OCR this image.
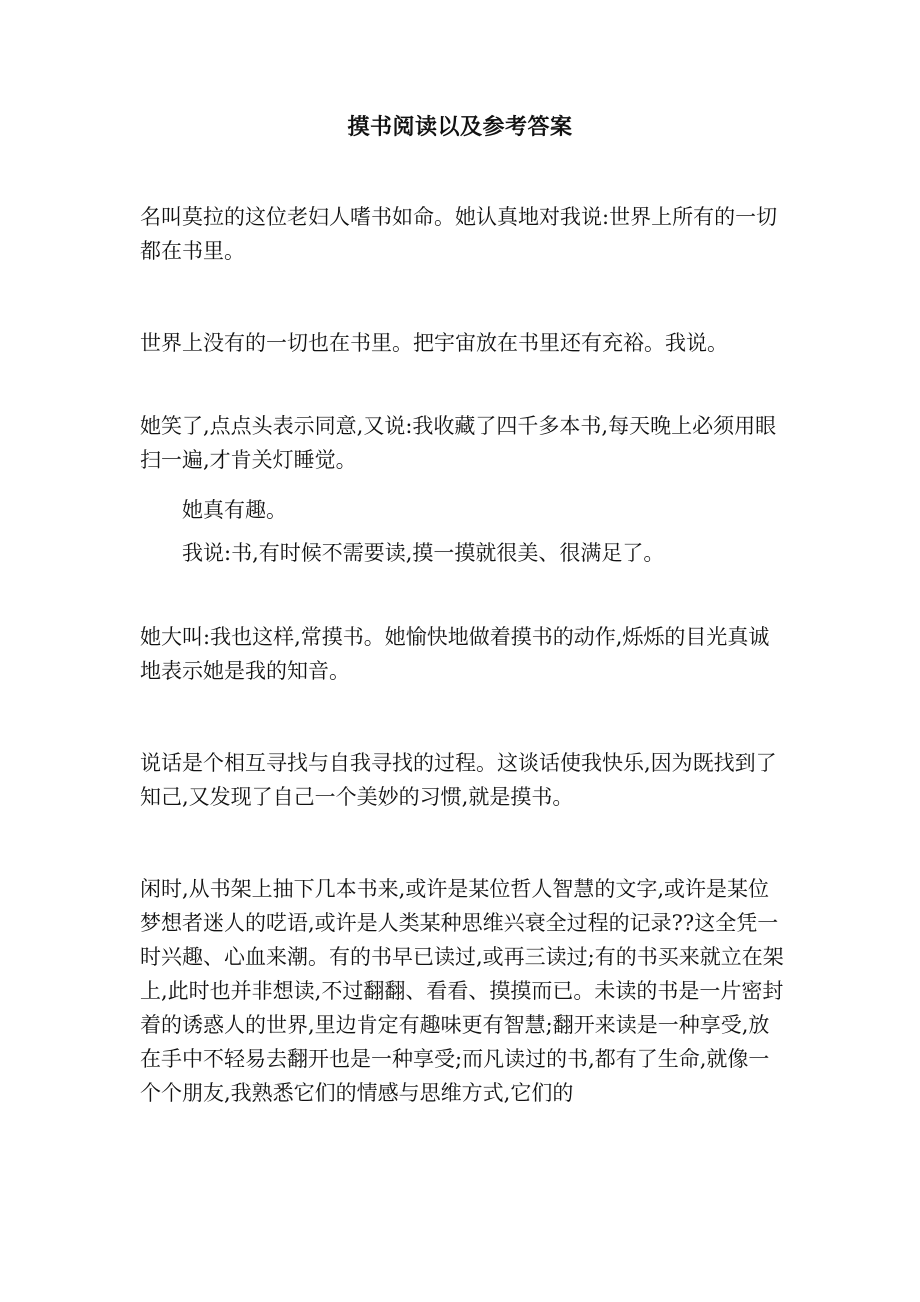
摸书阅读以及参考答案

名叫莫拉的这位老妇人嗜书如命。她认真地对我说:世界上所有的一切都在书里。

世界上没有的一切也在书里。把宇宙放在书里还有充裕。我说。

她笑了,点点头表示同意,又说:我收藏了四千多本书,每天晚上必须用眼扫一遍,才肯关灯睡觉。

她真有趣。

我说:书,有时候不需要读,摸一摸就很美、很满足了。

她大叫:我也这样,常摸书。她愉快地做着摸书的动作,烁烁的目光真诚地表示她是我的知音。

说话是个相互寻找与自我寻找的过程。这谈话使我快乐,因为既找到了知己,又发现了自己一个美妙的习惯,就是摸书。

闲时,从书架上抽下几本书来,或许是某位哲人智慧的文字,或许是某位梦想者迷人的呓语,或许是人类某种思维兴衰全过程的记录??这全凭一时兴趣、心血来潮。有的书早已读过,或再三读过;有的书买来就立在架上,此时也并非想读,不过翻翻、看看、摸摸而已。未读的书是一片密封着的诱惑人的世界,里边肯定有趣味更有智慧;翻开来读是一种享受,放在手中不轻易去翻开也是一种享受;而凡读过的书,都有了生命,就像一个个朋友,我熟悉它们的情感与思维方式,它们的
